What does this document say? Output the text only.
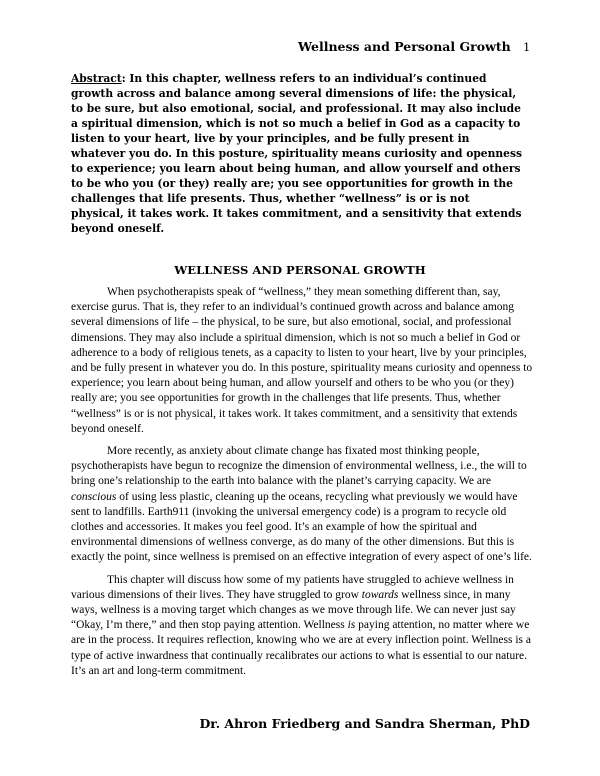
Wellness and Personal Growth 1
Abstract: In this chapter, wellness refers to an individual’s continued growth across and balance among several dimensions of life: the physical, to be sure, but also emotional, social, and professional. It may also include a spiritual dimension, which is not so much a belief in God as a capacity to listen to your heart, live by your principles, and be fully present in whatever you do. In this posture, spirituality means curiosity and openness to experience; you learn about being human, and allow yourself and others to be who you (or they) really are; you see opportunities for growth in the challenges that life presents. Thus, whether “wellness” is or is not physical, it takes work. It takes commitment, and a sensitivity that extends beyond oneself.
WELLNESS AND PERSONAL GROWTH

When psychotherapists speak of “wellness,” they mean something different than, say, exercise gurus. That is, they refer to an individual’s continued growth across and balance among several dimensions of life – the physical, to be sure, but also emotional, social, and professional dimensions. They may also include a spiritual dimension, which is not so much a belief in God or adherence to a body of religious tenets, as a capacity to listen to your heart, live by your principles, and be fully present in whatever you do. In this posture, spirituality means curiosity and openness to experience; you learn about being human, and allow yourself and others to be who you (or they) really are; you see opportunities for growth in the challenges that life presents. Thus, whether “wellness” is or is not physical, it takes work. It takes commitment, and a sensitivity that extends beyond oneself.

More recently, as anxiety about climate change has fixated most thinking people, psychotherapists have begun to recognize the dimension of environmental wellness, i.e., the will to bring one’s relationship to the earth into balance with the planet’s carrying capacity. We are conscious of using less plastic, cleaning up the oceans, recycling what previously we would have sent to landfills. Earth911 (invoking the universal emergency code) is a program to recycle old clothes and accessories. It makes you feel good. It’s an example of how the spiritual and environmental dimensions of wellness converge, as do many of the other dimensions. But this is exactly the point, since wellness is premised on an effective integration of every aspect of one’s life.

This chapter will discuss how some of my patients have struggled to achieve wellness in various dimensions of their lives. They have struggled to grow towards wellness since, in many ways, wellness is a moving target which changes as we move through life. We can never just say “Okay, I’m there,” and then stop paying attention. Wellness is paying attention, no matter where we are in the process. It requires reflection, knowing who we are at every inflection point. Wellness is a type of active inwardness that continually recalibrates our actions to what is essential to our nature. It’s an art and long-term commitment.

Dr. Ahron Friedberg and Sandra Sherman, PhD
